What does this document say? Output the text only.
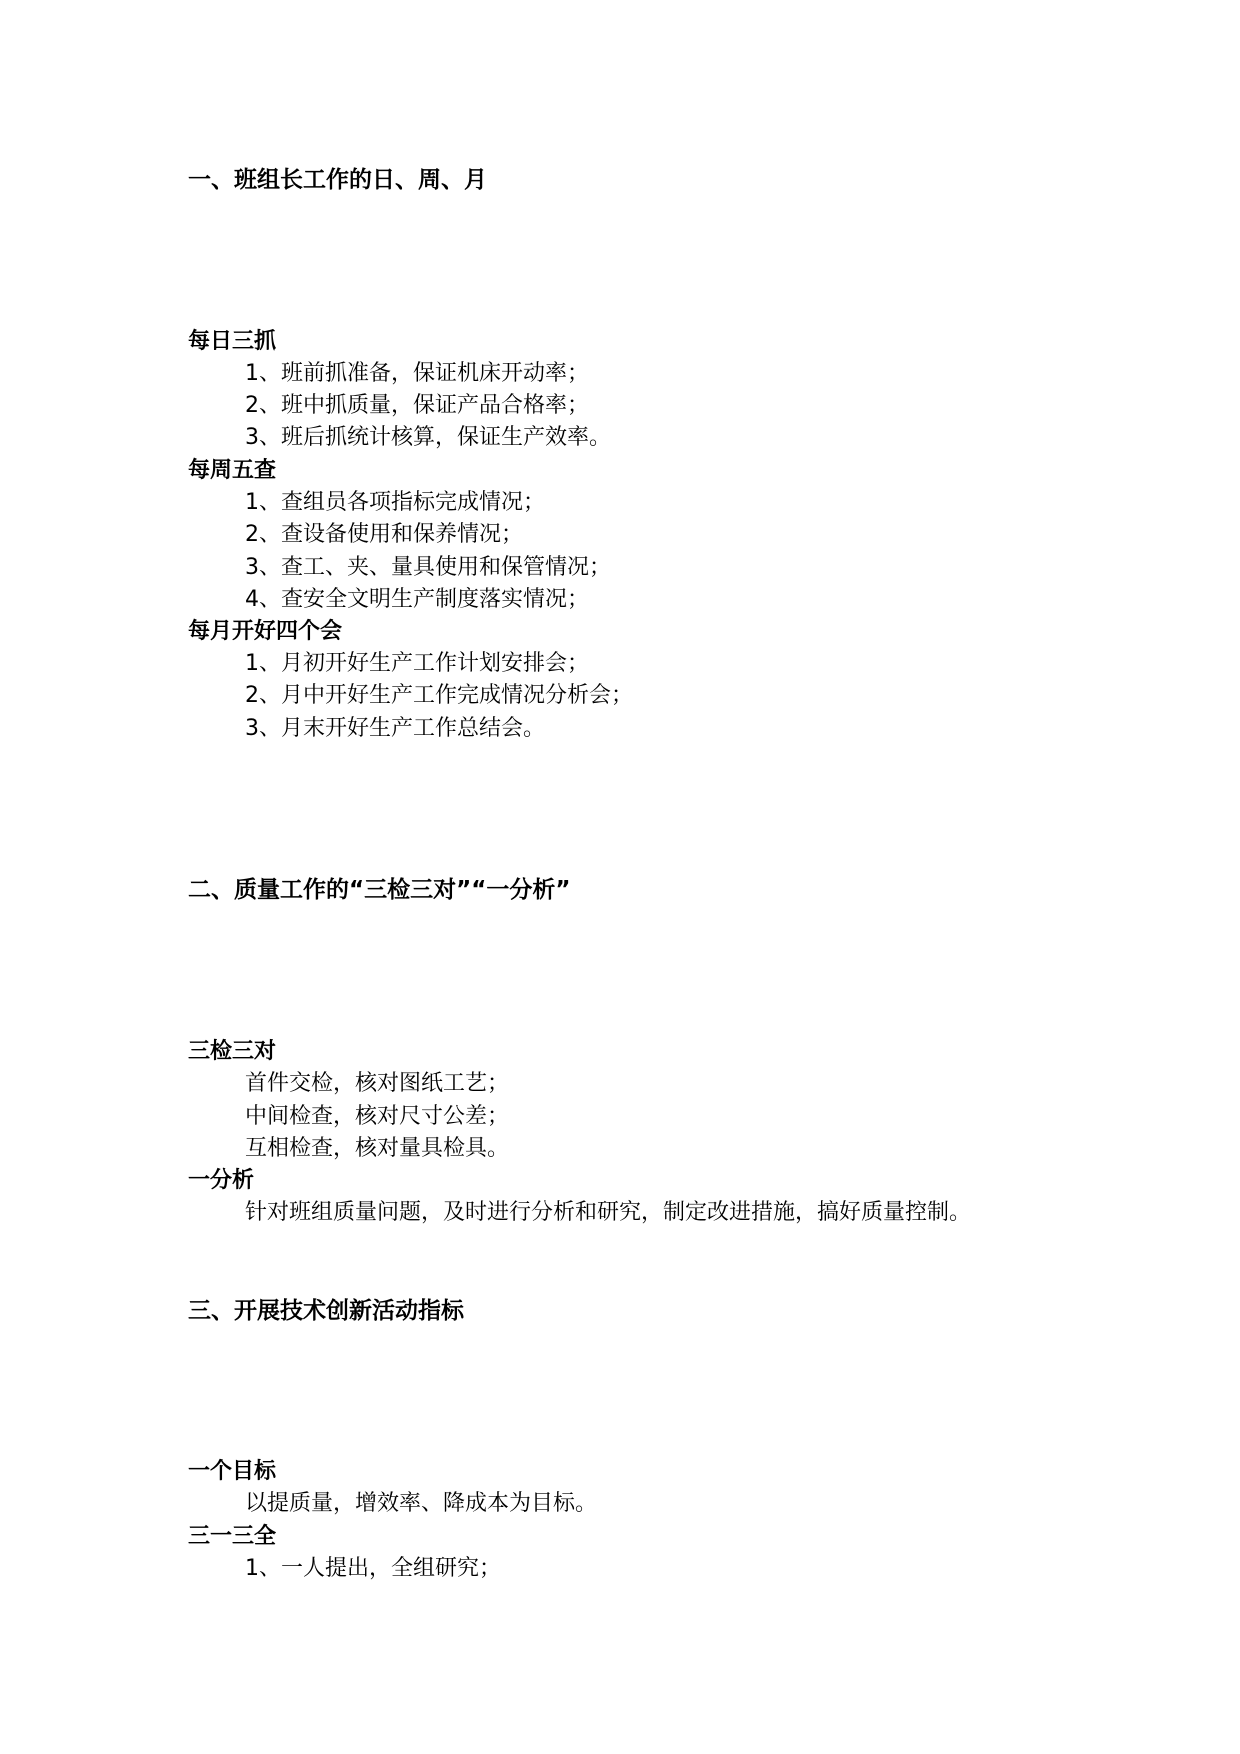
一、班组长工作的日、周、月
每日三抓
1、班前抓准备，保证机床开动率；
2、班中抓质量，保证产品合格率；
3、班后抓统计核算，保证生产效率。
每周五查
1、查组员各项指标完成情况；
2、查设备使用和保养情况；
3、查工、夹、量具使用和保管情况；
4、查安全文明生产制度落实情况；
每月开好四个会
1、月初开好生产工作计划安排会；
2、月中开好生产工作完成情况分析会；
3、月末开好生产工作总结会。
二、质量工作的“三检三对”“一分析”
三检三对
首件交检，核对图纸工艺；
中间检查，核对尺寸公差；
互相检查，核对量具检具。
一分析
针对班组质量问题，及时进行分析和研究，制定改进措施，搞好质量控制。
三、开展技术创新活动指标
一个目标
以提质量，增效率、降成本为目标。
三一三全
1、一人提出，全组研究；
